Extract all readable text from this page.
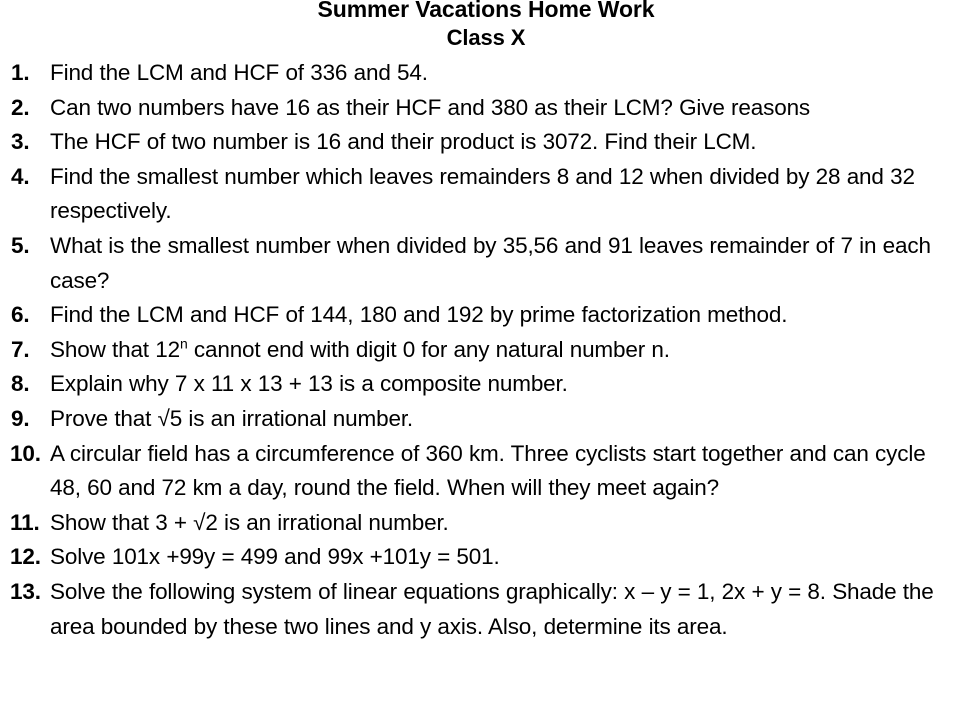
Summer Vacations Home Work
Class X
1. Find the LCM and HCF of 336 and 54.
2. Can two numbers have 16 as their HCF and 380 as their LCM? Give reasons
3. The HCF of two number is 16 and their product is 3072. Find their LCM.
4. Find the smallest number which leaves remainders 8 and 12 when divided by 28 and 32 respectively.
5. What is the smallest number when divided by 35,56 and 91 leaves remainder of 7 in each case?
6. Find the LCM and HCF of 144, 180 and 192 by prime factorization method.
7. Show that 12$^n$ cannot end with digit 0 for any natural number n.
8. Explain why 7 x 11 x 13 + 13 is a composite number.
9. Prove that √5 is an irrational number.
10. A circular field has a circumference of 360 km. Three cyclists start together and can cycle 48, 60 and 72 km a day, round the field. When will they meet again?
11. Show that 3 + √2 is an irrational number.
12. Solve 101x +99y = 499 and 99x +101y = 501.
13. Solve the following system of linear equations graphically: x – y = 1, 2x + y = 8. Shade the area bounded by these two lines and y axis. Also, determine its area.
